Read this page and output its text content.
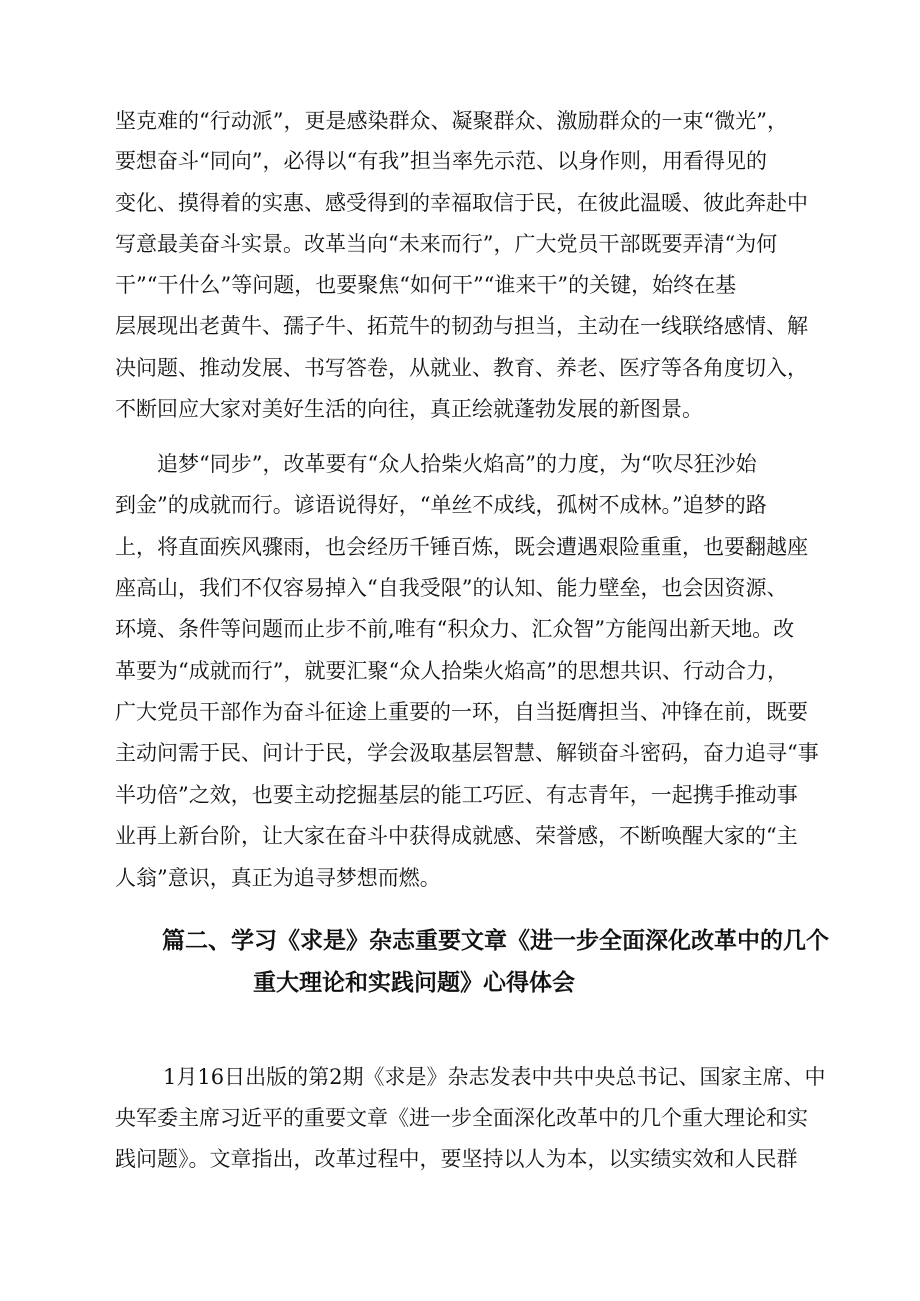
坚克难的“行动派”，更是感染群众、凝聚群众、激励群众的一束“微光”，
要想奋斗“同向”，必得以“有我”担当率先示范、以身作则，用看得见的
变化、摸得着的实惠、感受得到的幸福取信于民，在彼此温暖、彼此奔赴中
写意最美奋斗实景。改革当向“未来而行”，广大党员干部既要弄清“为何
干”“干什么”等问题，也要聚焦“如何干”“谁来干”的关键，始终在基
层展现出老黄牛、孺子牛、拓荒牛的韧劲与担当，主动在一线联络感情、解
决问题、推动发展、书写答卷，从就业、教育、养老、医疗等各角度切入，
不断回应大家对美好生活的向往，真正绘就蓬勃发展的新图景。
追梦“同步”，改革要有“众人拾柴火焰高”的力度，为“吹尽狂沙始
到金”的成就而行。谚语说得好，“单丝不成线，孤树不成林。”追梦的路
上，将直面疾风骤雨，也会经历千锤百炼，既会遭遇艰险重重，也要翻越座
座高山，我们不仅容易掉入“自我受限”的认知、能力壁垒，也会因资源、
环境、条件等问题而止步不前,唯有“积众力、汇众智”方能闯出新天地。改
革要为“成就而行”，就要汇聚“众人拾柴火焰高”的思想共识、行动合力，
广大党员干部作为奋斗征途上重要的一环，自当挺膺担当、冲锋在前，既要
主动问需于民、问计于民，学会汲取基层智慧、解锁奋斗密码，奋力追寻“事
半功倍”之效，也要主动挖掘基层的能工巧匠、有志青年，一起携手推动事
业再上新台阶，让大家在奋斗中获得成就感、荣誉感，不断唤醒大家的“主
人翁”意识，真正为追寻梦想而燃。
篇二、学习《求是》杂志重要文章《进一步全面深化改革中的几个
重大理论和实践问题》心得体会
1月16日出版的第2期《求是》杂志发表中共中央总书记、国家主席、中
央军委主席习近平的重要文章《进一步全面深化改革中的几个重大理论和实
践问题》。文章指出，改革过程中，要坚持以人为本，以实绩实效和人民群
